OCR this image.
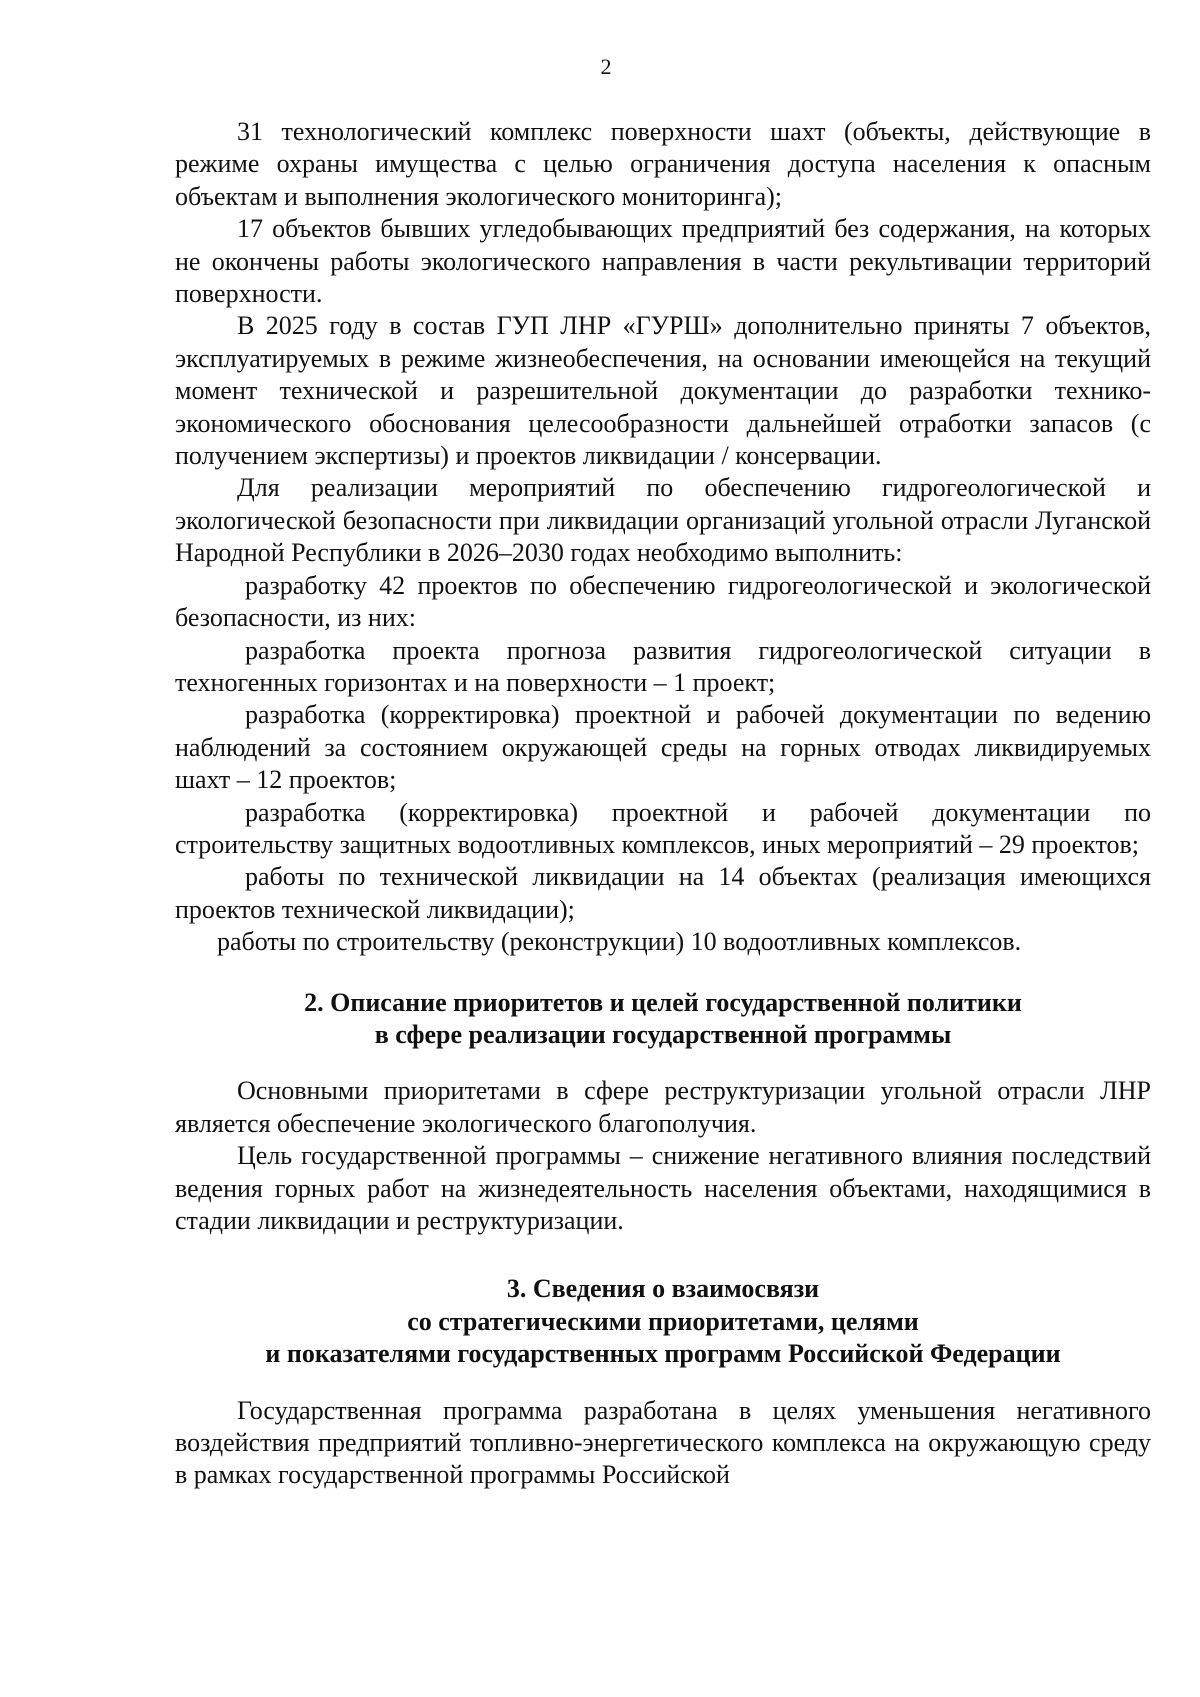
2

31 технологический комплекс поверхности шахт (объекты, действующие в режиме охраны имущества с целью ограничения доступа населения к опасным объектам и выполнения экологического мониторинга);

17 объектов бывших угледобывающих предприятий без содержания, на которых не окончены работы экологического направления в части рекультивации территорий поверхности.

В 2025 году в состав ГУП ЛНР «ГУРШ» дополнительно приняты 7 объектов, эксплуатируемых в режиме жизнеобеспечения, на основании имеющейся на текущий момент технической и разрешительной документации до разработки технико-экономического обоснования целесообразности дальнейшей отработки запасов (с получением экспертизы) и проектов ликвидации / консервации.

Для реализации мероприятий по обеспечению гидрогеологической и экологической безопасности при ликвидации организаций угольной отрасли Луганской Народной Республики в 2026–2030 годах необходимо выполнить:

разработку 42 проектов по обеспечению гидрогеологической и экологической безопасности, из них:

разработка проекта прогноза развития гидрогеологической ситуации в техногенных горизонтах и на поверхности – 1 проект;

разработка (корректировка) проектной и рабочей документации по ведению наблюдений за состоянием окружающей среды на горных отводах ликвидируемых шахт – 12 проектов;

разработка (корректировка) проектной и рабочей документации по строительству защитных водоотливных комплексов, иных мероприятий – 29 проектов;

работы по технической ликвидации на 14 объектах (реализация имеющихся проектов технической ликвидации);

работы по строительству (реконструкции) 10 водоотливных комплексов.

2. Описание приоритетов и целей государственной политики
в сфере реализации государственной программы

Основными приоритетами в сфере реструктуризации угольной отрасли ЛНР является обеспечение экологического благополучия.

Цель государственной программы – снижение негативного влияния последствий ведения горных работ на жизнедеятельность населения объектами, находящимися в стадии ликвидации и реструктуризации.

3. Сведения о взаимосвязи
со стратегическими приоритетами, целями
и показателями государственных программ Российской Федерации

Государственная программа разработана в целях уменьшения негативного воздействия предприятий топливно-энергетического комплекса на окружающую среду в рамках государственной программы Российской
